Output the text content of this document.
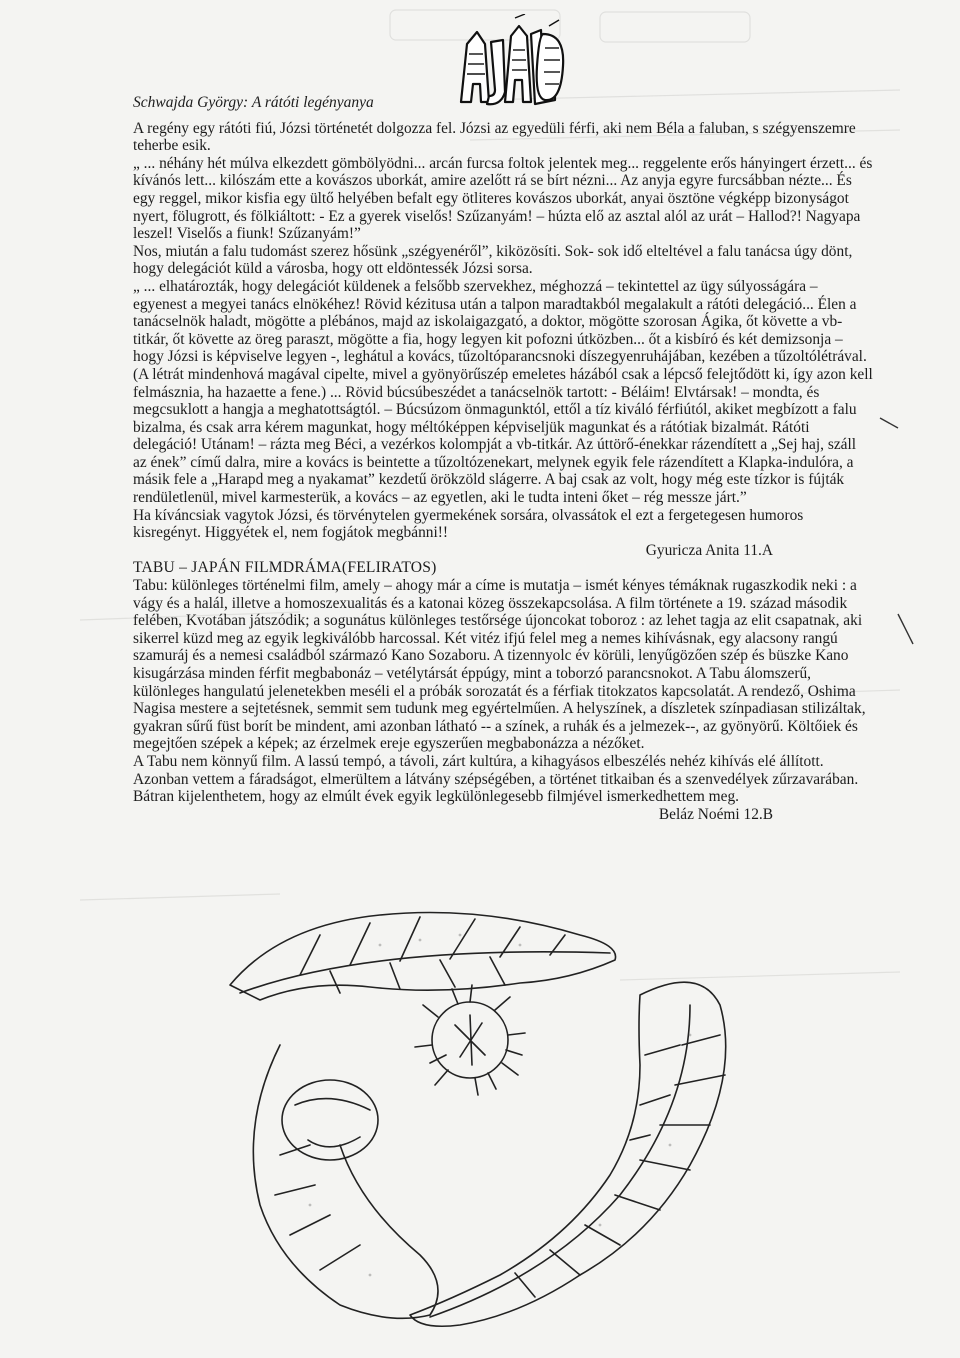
Schwajda György: A rátóti legényanya

A regény egy rátóti fiú, Józsi történetét dolgozza fel. Józsi az egyedüli férfi, aki nem Béla a faluban, s szégyenszemre teherbe esik.

„ ... néhány hét múlva elkezdett gömbölyödni... arcán furcsa foltok jelentek meg... reggelente erős hányingert érzett... és kívánós lett... kilószám ette a kovászos uborkát, amire azelőtt rá se bírt nézni... Az anyja egyre furcsábban nézte... És egy reggel, mikor kisfia egy ültő helyében befalt egy ötliteres kovászos uborkát, anyai ösztöne végképp bizonyságot nyert, fölugrott, és fölkiáltott: - Ez a gyerek viselős! Szűzanyám! – húzta elő az asztal alól az urát – Hallod?! Nagyapa leszel! Viselős a fiunk! Szűzanyám!”

Nos, miután a falu tudomást szerez hősünk „szégyenéről”, kiközösíti. Sok- sok idő elteltével a falu tanácsa úgy dönt, hogy delegációt küld a városba, hogy ott eldöntessék Józsi sorsa.

„ ... elhatározták, hogy delegációt küldenek a felsőbb szervekhez, méghozzá – tekintettel az ügy súlyosságára – egyenest a megyei tanács elnökéhez! Rövid kézitusa után a talpon maradtakból megalakult a rátóti delegáció... Élen a tanácselnök haladt, mögötte a plébános, majd az iskolaigazgató, a doktor, mögötte szorosan Ágika, őt követte a vb-titkár, őt követte az öreg paraszt, mögötte a fia, hogy legyen kit pofozni útközben... őt a kisbíró és két demizsonja – hogy Józsi is képviselve legyen -, leghátul a kovács, tűzoltóparancsnoki díszegyenruhájában, kezében a tűzoltólétrával. (A létrát mindenhová magával cipelte, mivel a gyönyörűszép emeletes házából csak a lépcső felejtődött ki, így azon kell felmásznia, ha hazaette a fene.) ... Rövid búcsúbeszédet a tanácselnök tartott: - Béláim! Elvtársak! – mondta, és megcsuklott a hangja a meghatottságtól. – Búcsúzom önmagunktól, ettől a tíz kiváló férfiútól, akiket megbízott a falu bizalma, és csak arra kérem magunkat, hogy méltóképpen képviseljük magunkat és a rátótiak bizalmát. Rátóti delegáció! Utánam! – rázta meg Béci, a vezérkos kolompját a vb-titkár. Az úttörő-énekkar rázendített a „Sej haj, száll az ének” című dalra, mire a kovács is beintette a tűzoltózenekart, melynek egyik fele rázendített a Klapka-indulóra, a másik fele a „Harapd meg a nyakamat” kezdetű örökzöld slágerre. A baj csak az volt, hogy még este tízkor is fújták rendületlenül, mivel karmesterük, a kovács – az egyetlen, aki le tudta inteni őket – rég messze járt.”

Ha kíváncsiak vagytok Józsi, és törvénytelen gyermekének sorsára, olvassátok el ezt a fergetegesen humoros kisregényt. Higgyétek el, nem fogjátok megbánni!!

Gyuricza Anita 11.A

TABU – JAPÁN FILMDRÁMA(FELIRATOS)

Tabu: különleges történelmi film, amely – ahogy már a címe is mutatja – ismét kényes témáknak rugaszkodik neki : a vágy és a halál, illetve a homoszexualitás és a katonai közeg összekapcsolása. A film története a 19. század második felében, Kvotában játszódik; a sogunátus különleges testőrsége újoncokat toboroz : az lehet tagja az elit csapatnak, aki sikerrel küzd meg az egyik legkiválóbb harcossal. Két vitéz ifjú felel meg a nemes kihívásnak, egy alacsony rangú szamuráj és a nemesi családból származó Kano Sozaboru. A tizennyolc év körüli, lenyűgözően szép és büszke Kano kisugárzása minden férfit megbabonáz – vetélytársát éppúgy, mint a toborzó parancsnokot. A Tabu álomszerű, különleges hangulatú jelenetekben meséli el a próbák sorozatát és a férfiak titokzatos kapcsolatát. A rendező, Oshima Nagisa mestere a sejtetésnek, semmit sem tudunk meg egyértelműen. A helyszínek, a díszletek színpadiasan stilizáltak, gyakran sűrű füst borít be mindent, ami azonban látható -- a színek, a ruhák és a jelmezek--, az gyönyörű. Költőiek és megejtően szépek a képek; az érzelmek ereje egyszerűen megbabonázza a nézőket.

A Tabu nem könnyű film. A lassú tempó, a távoli, zárt kultúra, a kihagyásos elbeszélés nehéz kihívás elé állított. Azonban vettem a fáradságot, elmerültem a látvány szépségében, a történet titkaiban és a szenvedélyek zűrzavarában. Bátran kijelenthetem, hogy az elmúlt évek egyik legkülönlegesebb filmjével ismerkedhettem meg.

Beláz Noémi 12.B
